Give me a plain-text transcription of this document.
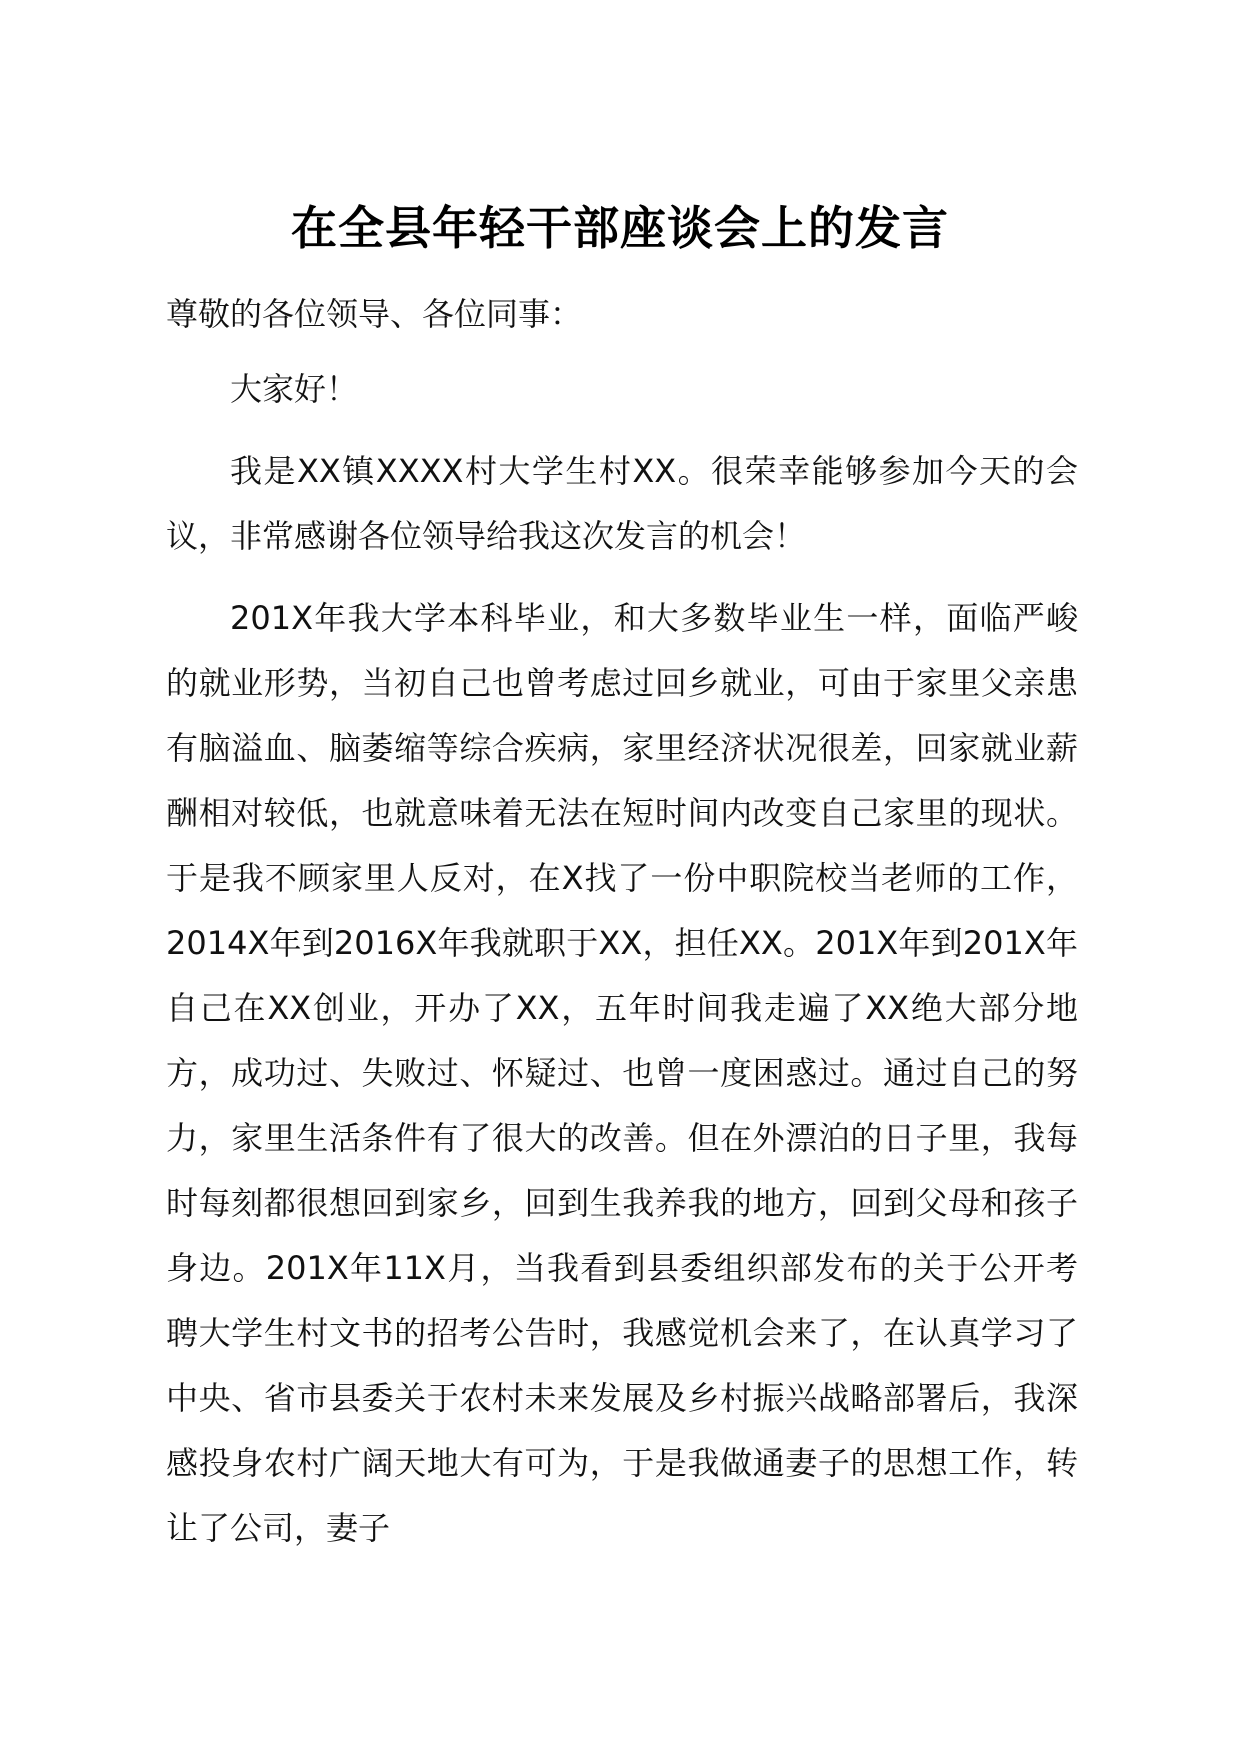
在全县年轻干部座谈会上的发言

尊敬的各位领导、各位同事：

大家好！

我是XX镇XXXX村大学生村XX。很荣幸能够参加今天的会议，非常感谢各位领导给我这次发言的机会！

201X年我大学本科毕业，和大多数毕业生一样，面临严峻的就业形势，当初自己也曾考虑过回乡就业，可由于家里父亲患有脑溢血、脑萎缩等综合疾病，家里经济状况很差，回家就业薪酬相对较低，也就意味着无法在短时间内改变自己家里的现状。于是我不顾家里人反对，在X找了一份中职院校当老师的工作，2014X年到2016X年我就职于XX，担任XX。201X年到201X年自己在XX创业，开办了XX，五年时间我走遍了XX绝大部分地方，成功过、失败过、怀疑过、也曾一度困惑过。通过自己的努力，家里生活条件有了很大的改善。但在外漂泊的日子里，我每时每刻都很想回到家乡，回到生我养我的地方，回到父母和孩子身边。201X年11X月，当我看到县委组织部发布的关于公开考聘大学生村文书的招考公告时，我感觉机会来了，在认真学习了中央、省市县委关于农村未来发展及乡村振兴战略部署后，我深感投身农村广阔天地大有可为，于是我做通妻子的思想工作，转让了公司，妻子
